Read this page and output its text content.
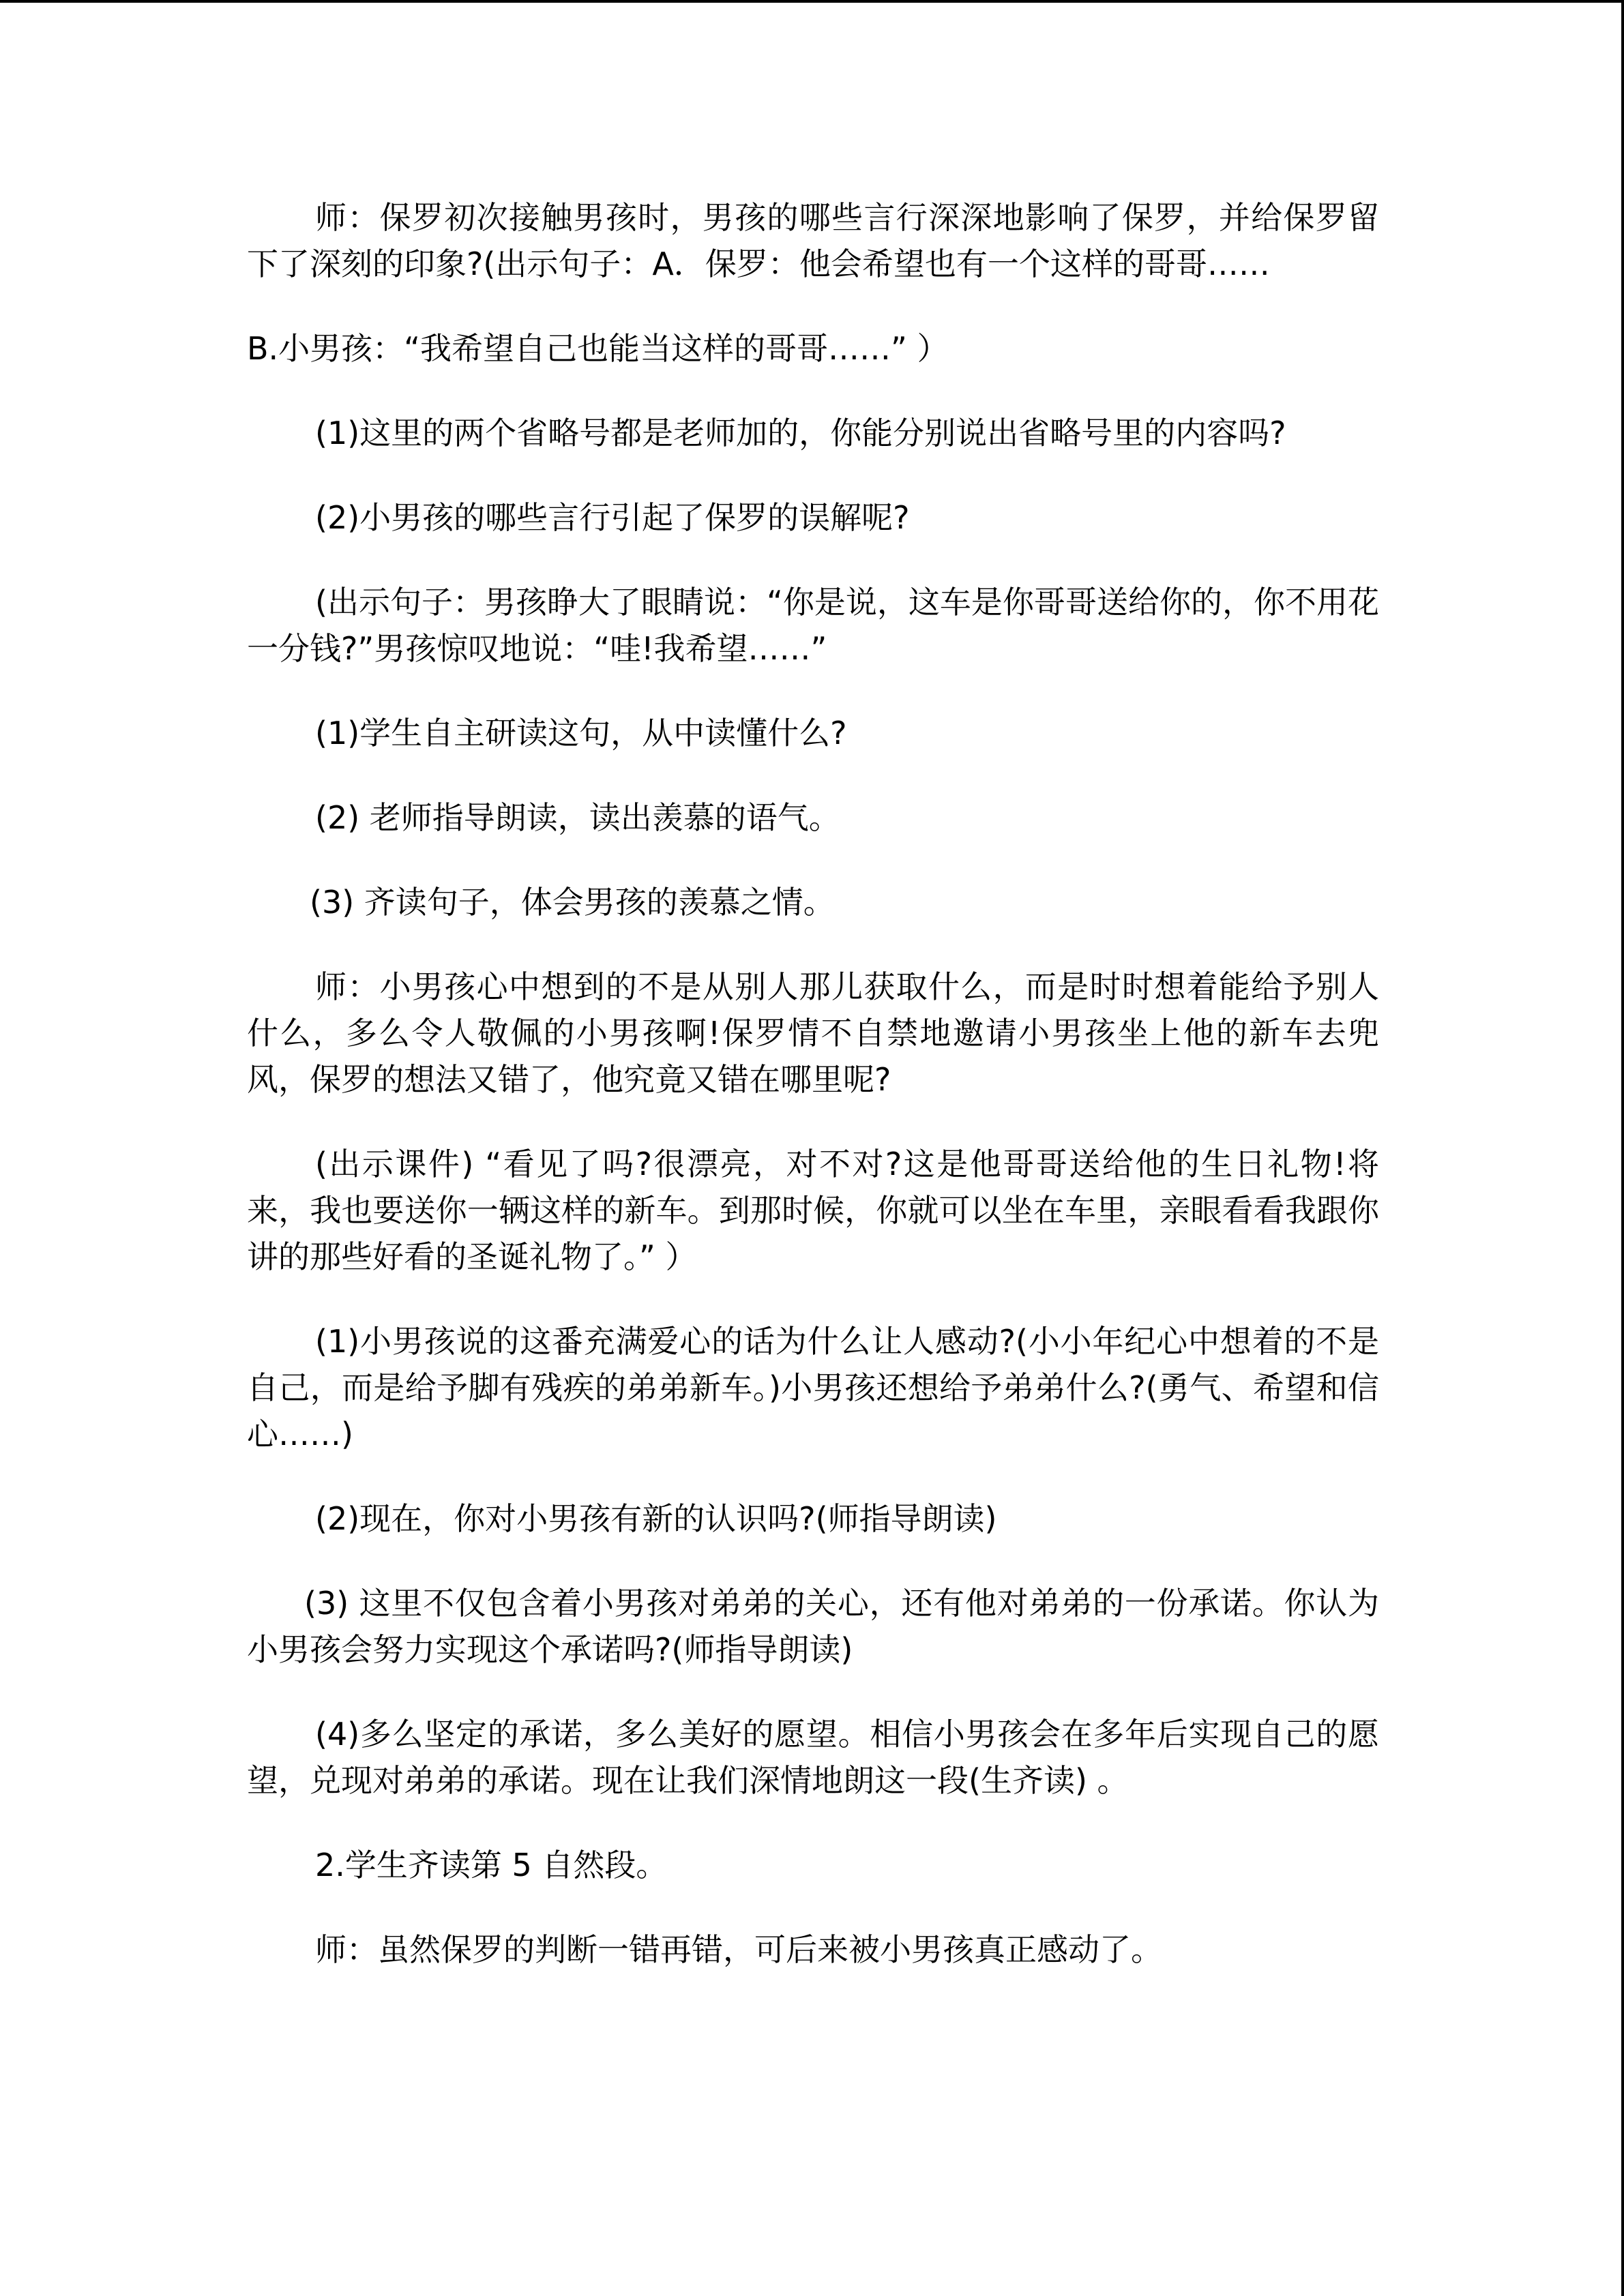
师：保罗初次接触男孩时，男孩的哪些言行深深地影响了保罗，并给保罗留下了深刻的印象?(出示句子：A．保罗：他会希望也有一个这样的哥哥……

B.小男孩：“我希望自己也能当这样的哥哥……” ）

(1)这里的两个省略号都是老师加的，你能分别说出省略号里的内容吗?

(2)小男孩的哪些言行引起了保罗的误解呢?

(出示句子：男孩睁大了眼睛说：“你是说，这车是你哥哥送给你的，你不用花一分钱?”男孩惊叹地说：“哇!我希望……”

(1)学生自主研读这句，从中读懂什么?

(2) 老师指导朗读，读出羡慕的语气。

(3) 齐读句子，体会男孩的羡慕之情。

师：小男孩心中想到的不是从别人那儿获取什么，而是时时想着能给予别人什么，多么令人敬佩的小男孩啊!保罗情不自禁地邀请小男孩坐上他的新车去兜风，保罗的想法又错了，他究竟又错在哪里呢?

(出示课件) “看见了吗?很漂亮，对不对?这是他哥哥送给他的生日礼物!将来，我也要送你一辆这样的新车。到那时候，你就可以坐在车里，亲眼看看我跟你讲的那些好看的圣诞礼物了。” ）

(1)小男孩说的这番充满爱心的话为什么让人感动?(小小年纪心中想着的不是自己，而是给予脚有残疾的弟弟新车。)小男孩还想给予弟弟什么?(勇气、希望和信心……)

(2)现在，你对小男孩有新的认识吗?(师指导朗读)

(3) 这里不仅包含着小男孩对弟弟的关心，还有他对弟弟的一份承诺。你认为小男孩会努力实现这个承诺吗?(师指导朗读)

(4)多么坚定的承诺，多么美好的愿望。相信小男孩会在多年后实现自己的愿望，兑现对弟弟的承诺。现在让我们深情地朗这一段(生齐读) 。

2.学生齐读第 5 自然段。

师：虽然保罗的判断一错再错，可后来被小男孩真正感动了。
